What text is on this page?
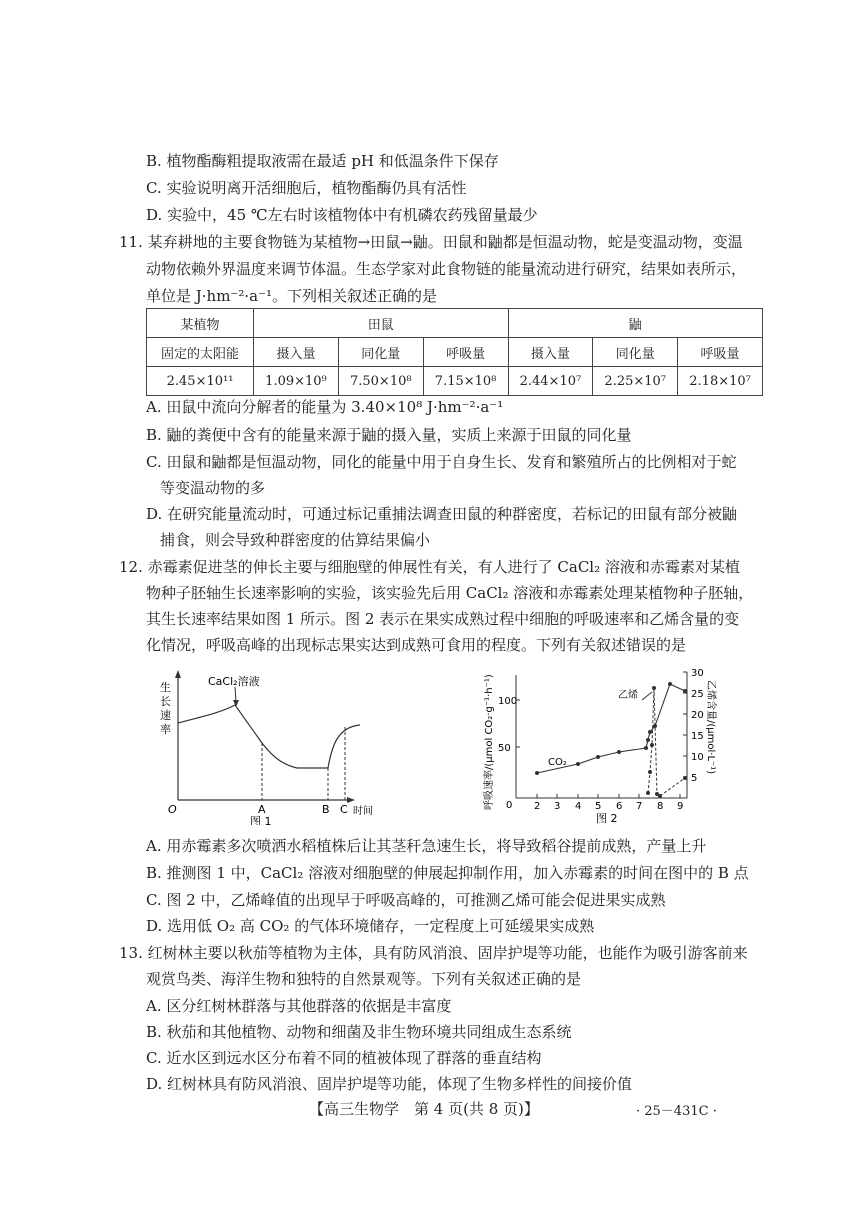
B. 植物酯酶粗提取液需在最适 pH 和低温条件下保存
C. 实验说明离开活细胞后，植物酯酶仍具有活性
D. 实验中，45 ℃左右时该植物体中有机磷农药残留量最少
11. 某弃耕地的主要食物链为某植物→田鼠→鼬。田鼠和鼬都是恒温动物，蛇是变温动物，变温
动物依赖外界温度来调节体温。生态学家对此食物链的能量流动进行研究，结果如表所示，
单位是 J·hm⁻²·a⁻¹。下列相关叙述正确的是
某植物	田鼠			鼬		
固定的太阳能	摄入量	同化量	呼吸量	摄入量	同化量	呼吸量
2.45×10¹¹	1.09×10⁹	7.50×10⁸	7.15×10⁸	2.44×10⁷	2.25×10⁷	2.18×10⁷
A. 田鼠中流向分解者的能量为 3.40×10⁸ J·hm⁻²·a⁻¹
B. 鼬的粪便中含有的能量来源于鼬的摄入量，实质上来源于田鼠的同化量
C. 田鼠和鼬都是恒温动物，同化的能量中用于自身生长、发育和繁殖所占的比例相对于蛇
等变温动物的多
D. 在研究能量流动时，可通过标记重捕法调查田鼠的种群密度，若标记的田鼠有部分被鼬
捕食，则会导致种群密度的估算结果偏小
12. 赤霉素促进茎的伸长主要与细胞壁的伸展性有关，有人进行了 CaCl₂ 溶液和赤霉素对某植
物种子胚轴生长速率影响的实验，该实验先后用 CaCl₂ 溶液和赤霉素处理某植物种子胚轴，
其生长速率结果如图 1 所示。图 2 表示在果实成熟过程中细胞的呼吸速率和乙烯含量的变
化情况，呼吸高峰的出现标志果实达到成熟可食用的程度。下列有关叙述错误的是
生
长
速
率
CaCl₂溶液
O	A	B C 时间
图 1
呼吸速率/(μmol CO₂·g⁻¹·h⁻¹)	乙烯含量/(μmol·L⁻¹)
2 3 4 5 6 7 8 9
50
100
5
10
15
20
25
30
0
CO₂
乙烯
图 2
A. 用赤霉素多次喷洒水稻植株后让其茎秆急速生长，将导致稻谷提前成熟，产量上升
B. 推测图 1 中，CaCl₂ 溶液对细胞壁的伸展起抑制作用，加入赤霉素的时间在图中的 B 点
C. 图 2 中，乙烯峰值的出现早于呼吸高峰的，可推测乙烯可能会促进果实成熟
D. 选用低 O₂ 高 CO₂ 的气体环境储存，一定程度上可延缓果实成熟
13. 红树林主要以秋茄等植物为主体，具有防风消浪、固岸护堤等功能，也能作为吸引游客前来
观赏鸟类、海洋生物和独特的自然景观等。下列有关叙述正确的是
A. 区分红树林群落与其他群落的依据是丰富度
B. 秋茄和其他植物、动物和细菌及非生物环境共同组成生态系统
C. 近水区到远水区分布着不同的植被体现了群落的垂直结构
D. 红树林具有防风消浪、固岸护堤等功能，体现了生物多样性的间接价值
【高三生物学　第 4 页(共 8 页)】	· 25－431C ·
